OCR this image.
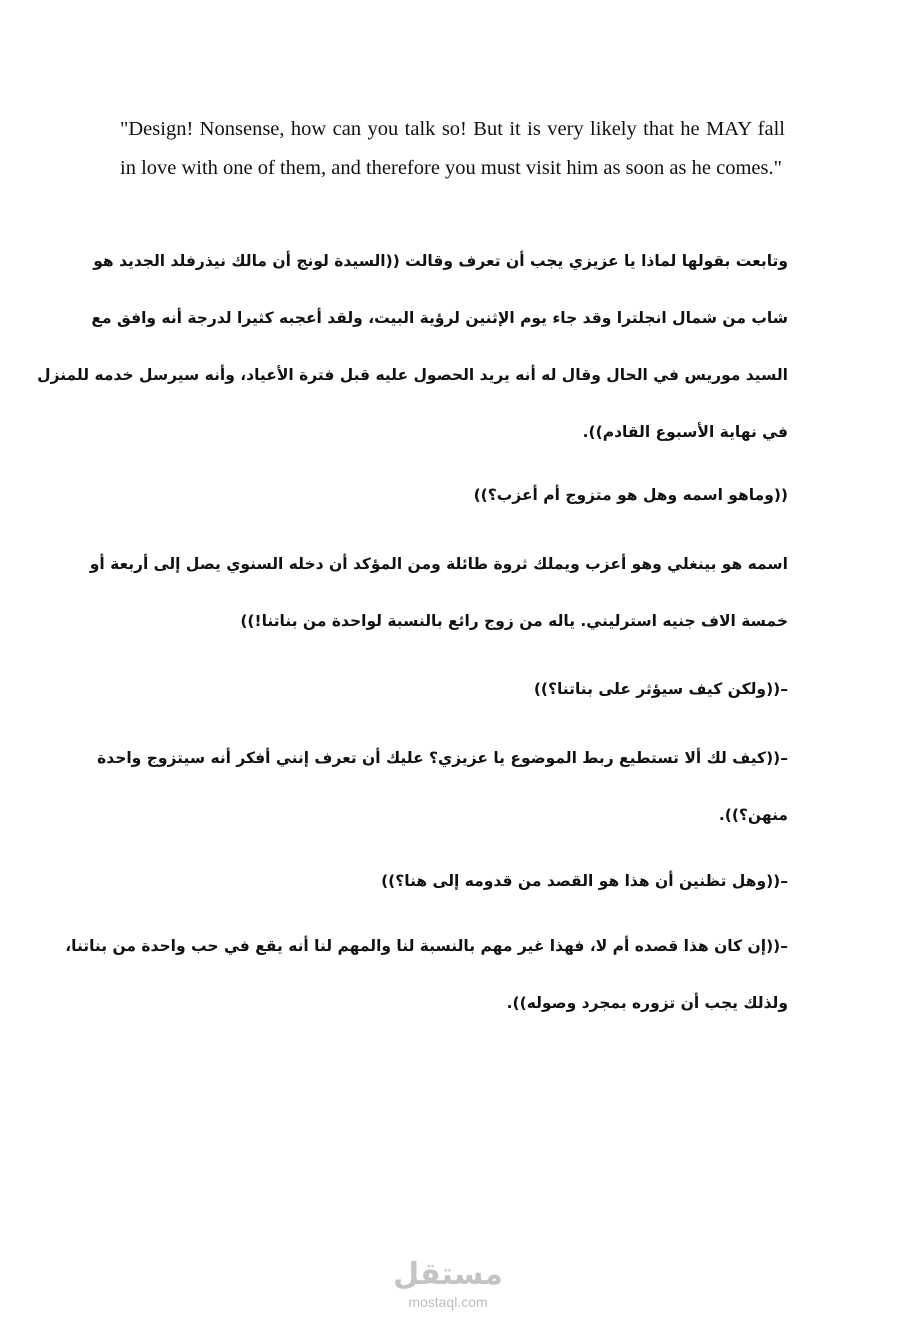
"Design! Nonsense, how can you talk so! But it is very likely that he MAY fall in love with one of them, and therefore you must visit him as soon as he comes."

وتابعت بقولها لماذا يا عزيزي يجب أن تعرف وقالت ((السيدة لونج أن مالك نيذرفلد الجديد هو
شاب من شمال انجلترا وقد جاء يوم الإثنين لرؤية البيت، ولقد أعجبه كثيرا لدرجة أنه وافق مع
السيد موريس في الحال وقال له أنه يريد الحصول عليه قبل فترة الأعياد، وأنه سيرسل خدمه للمنزل
في نهاية الأسبوع القادم)).
((وماهو اسمه وهل هو متزوج أم أعزب؟))
اسمه هو بينغلي وهو أعزب ويملك ثروة طائلة ومن المؤكد أن دخله السنوي يصل إلى أربعة أو
خمسة الاف جنيه استرليني. ياله من زوج رائع بالنسبة لواحدة من بناتنا!))
–((ولكن كيف سيؤثر على بناتنا؟))
–((كيف لك ألا تستطيع ربط الموضوع يا عزيزي؟ عليك أن تعرف إنني أفكر أنه سيتزوج واحدة
منهن؟)).
–((وهل تظنين أن هذا هو القصد من قدومه إلى هنا؟))
–((إن كان هذا قصده أم لا، فهذا غير مهم بالنسبة لنا والمهم لنا أنه يقع في حب واحدة من بناتنا،
ولذلك يجب أن تزوره بمجرد وصوله)).
مستقل
mostaql.com
